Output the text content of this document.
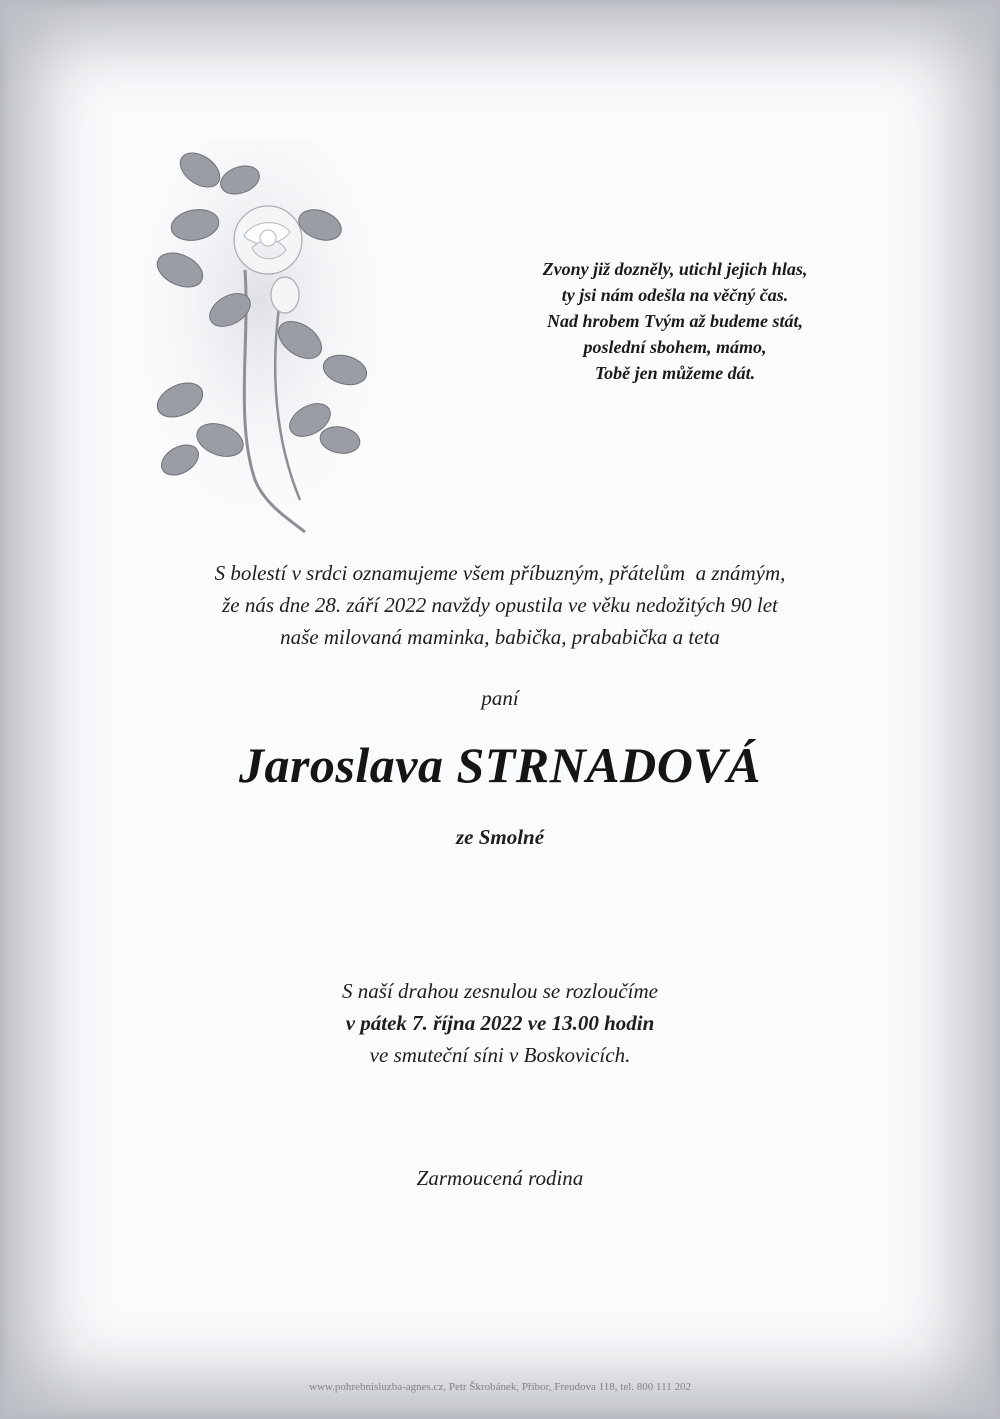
Zvony již dozněly, utichl jejich hlas,
ty jsi nám odešla na věčný čas.
Nad hrobem Tvým až budeme stát,
poslední sbohem, mámo,
Tobě jen můžeme dát.
S bolestí v srdci oznamujeme všem příbuzným, přátelům  a známým,
že nás dne 28. září 2022 navždy opustila ve věku nedožitých 90 let
naše milovaná maminka, babička, prababička a teta
paní
Jaroslava STRNADOVÁ
ze Smolné
S naší drahou zesnulou se rozloučíme
v pátek 7. října 2022 ve 13.00 hodin
ve smuteční síni v Boskovicích.
Zarmoucená rodina
www.pohrebnisluzba-agnes.cz, Petr Škrobánek, Příbor, Freudova 118, tel. 800 111 202
